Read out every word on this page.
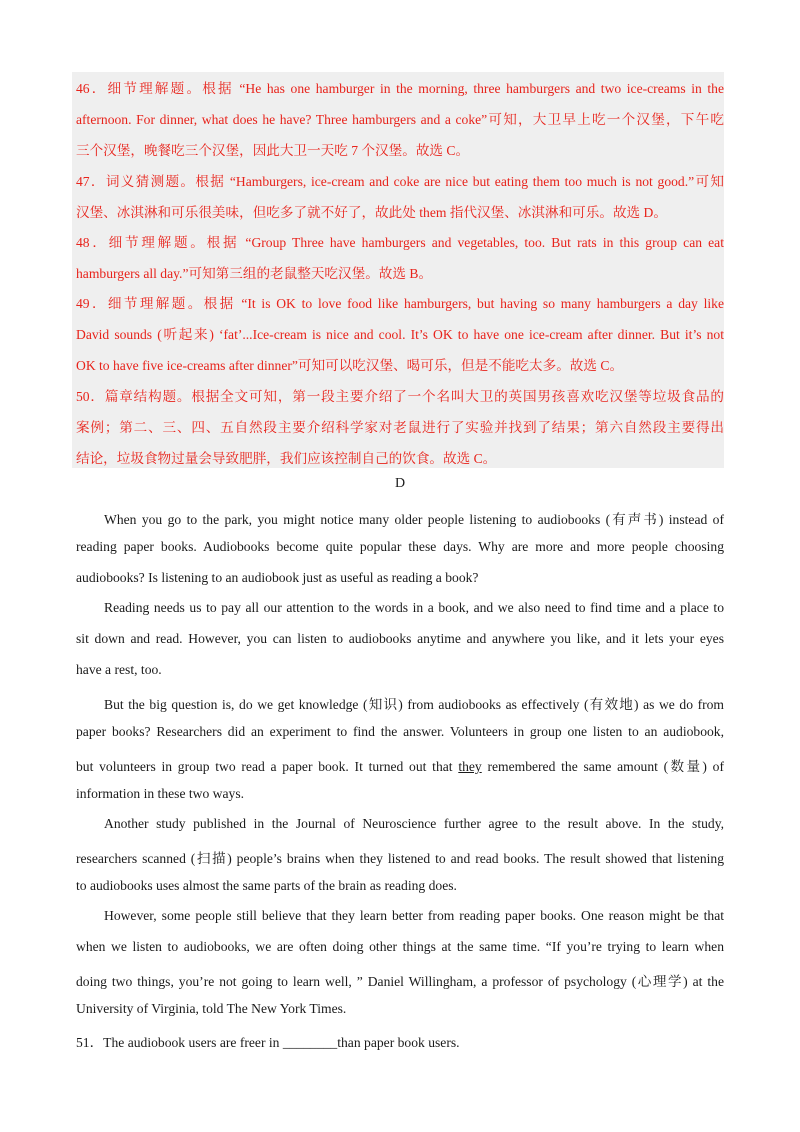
46．细节理解题。根据 “He has one hamburger in the morning, three hamburgers and two ice-creams in the
afternoon. For dinner, what does he have? Three hamburgers and a coke”可知，大卫早上吃一个汉堡，下午吃
三个汉堡，晚餐吃三个汉堡，因此大卫一天吃 7 个汉堡。故选 C。
47．词义猜测题。根据 “Hamburgers, ice-cream and coke are nice but eating them too much is not good.”可知
汉堡、冰淇淋和可乐很美味，但吃多了就不好了，故此处 them 指代汉堡、冰淇淋和可乐。故选 D。
48．细节理解题。根据 “Group Three have hamburgers and vegetables, too. But rats in this group can eat
hamburgers all day.”可知第三组的老鼠整天吃汉堡。故选 B。
49．细节理解题。根据 “It is OK to love food like hamburgers, but having so many hamburgers a day like
David sounds (听起来) ‘fat’...Ice-cream is nice and cool. It’s OK to have one ice-cream after dinner. But it’s not
OK to have five ice-creams after dinner”可知可以吃汉堡、喝可乐，但是不能吃太多。故选 C。
50．篇章结构题。根据全文可知，第一段主要介绍了一个名叫大卫的英国男孩喜欢吃汉堡等垃圾食品的
案例；第二、三、四、五自然段主要介绍科学家对老鼠进行了实验并找到了结果；第六自然段主要得出
结论，垃圾食物过量会导致肥胖，我们应该控制自己的饮食。故选 C。
D
When you go to the park, you might notice many older people listening to audiobooks (有声书) instead of
reading paper books. Audiobooks become quite popular these days. Why are more and more people choosing
audiobooks? Is listening to an audiobook just as useful as reading a book?
Reading needs us to pay all our attention to the words in a book, and we also need to find time and a place to
sit down and read. However, you can listen to audiobooks anytime and anywhere you like, and it lets your eyes
have a rest, too.
But the big question is, do we get knowledge (知识) from audiobooks as effectively (有效地) as we do from
paper books? Researchers did an experiment to find the answer. Volunteers in group one listen to an audiobook,
but volunteers in group two read a paper book. It turned out that they remembered the same amount (数量) of
information in these two ways.
Another study published in the Journal of Neuroscience further agree to the result above. In the study,
researchers scanned (扫描) people’s brains when they listened to and read books. The result showed that listening
to audiobooks uses almost the same parts of the brain as reading does.
However, some people still believe that they learn better from reading paper books. One reason might be that
when we listen to audiobooks, we are often doing other things at the same time. “If you’re trying to learn when
doing two things, you’re not going to learn well, ” Daniel Willingham, a professor of psychology (心理学) at the
University of Virginia, told The New York Times.
51．The audiobook users are freer in ________than paper book users.
